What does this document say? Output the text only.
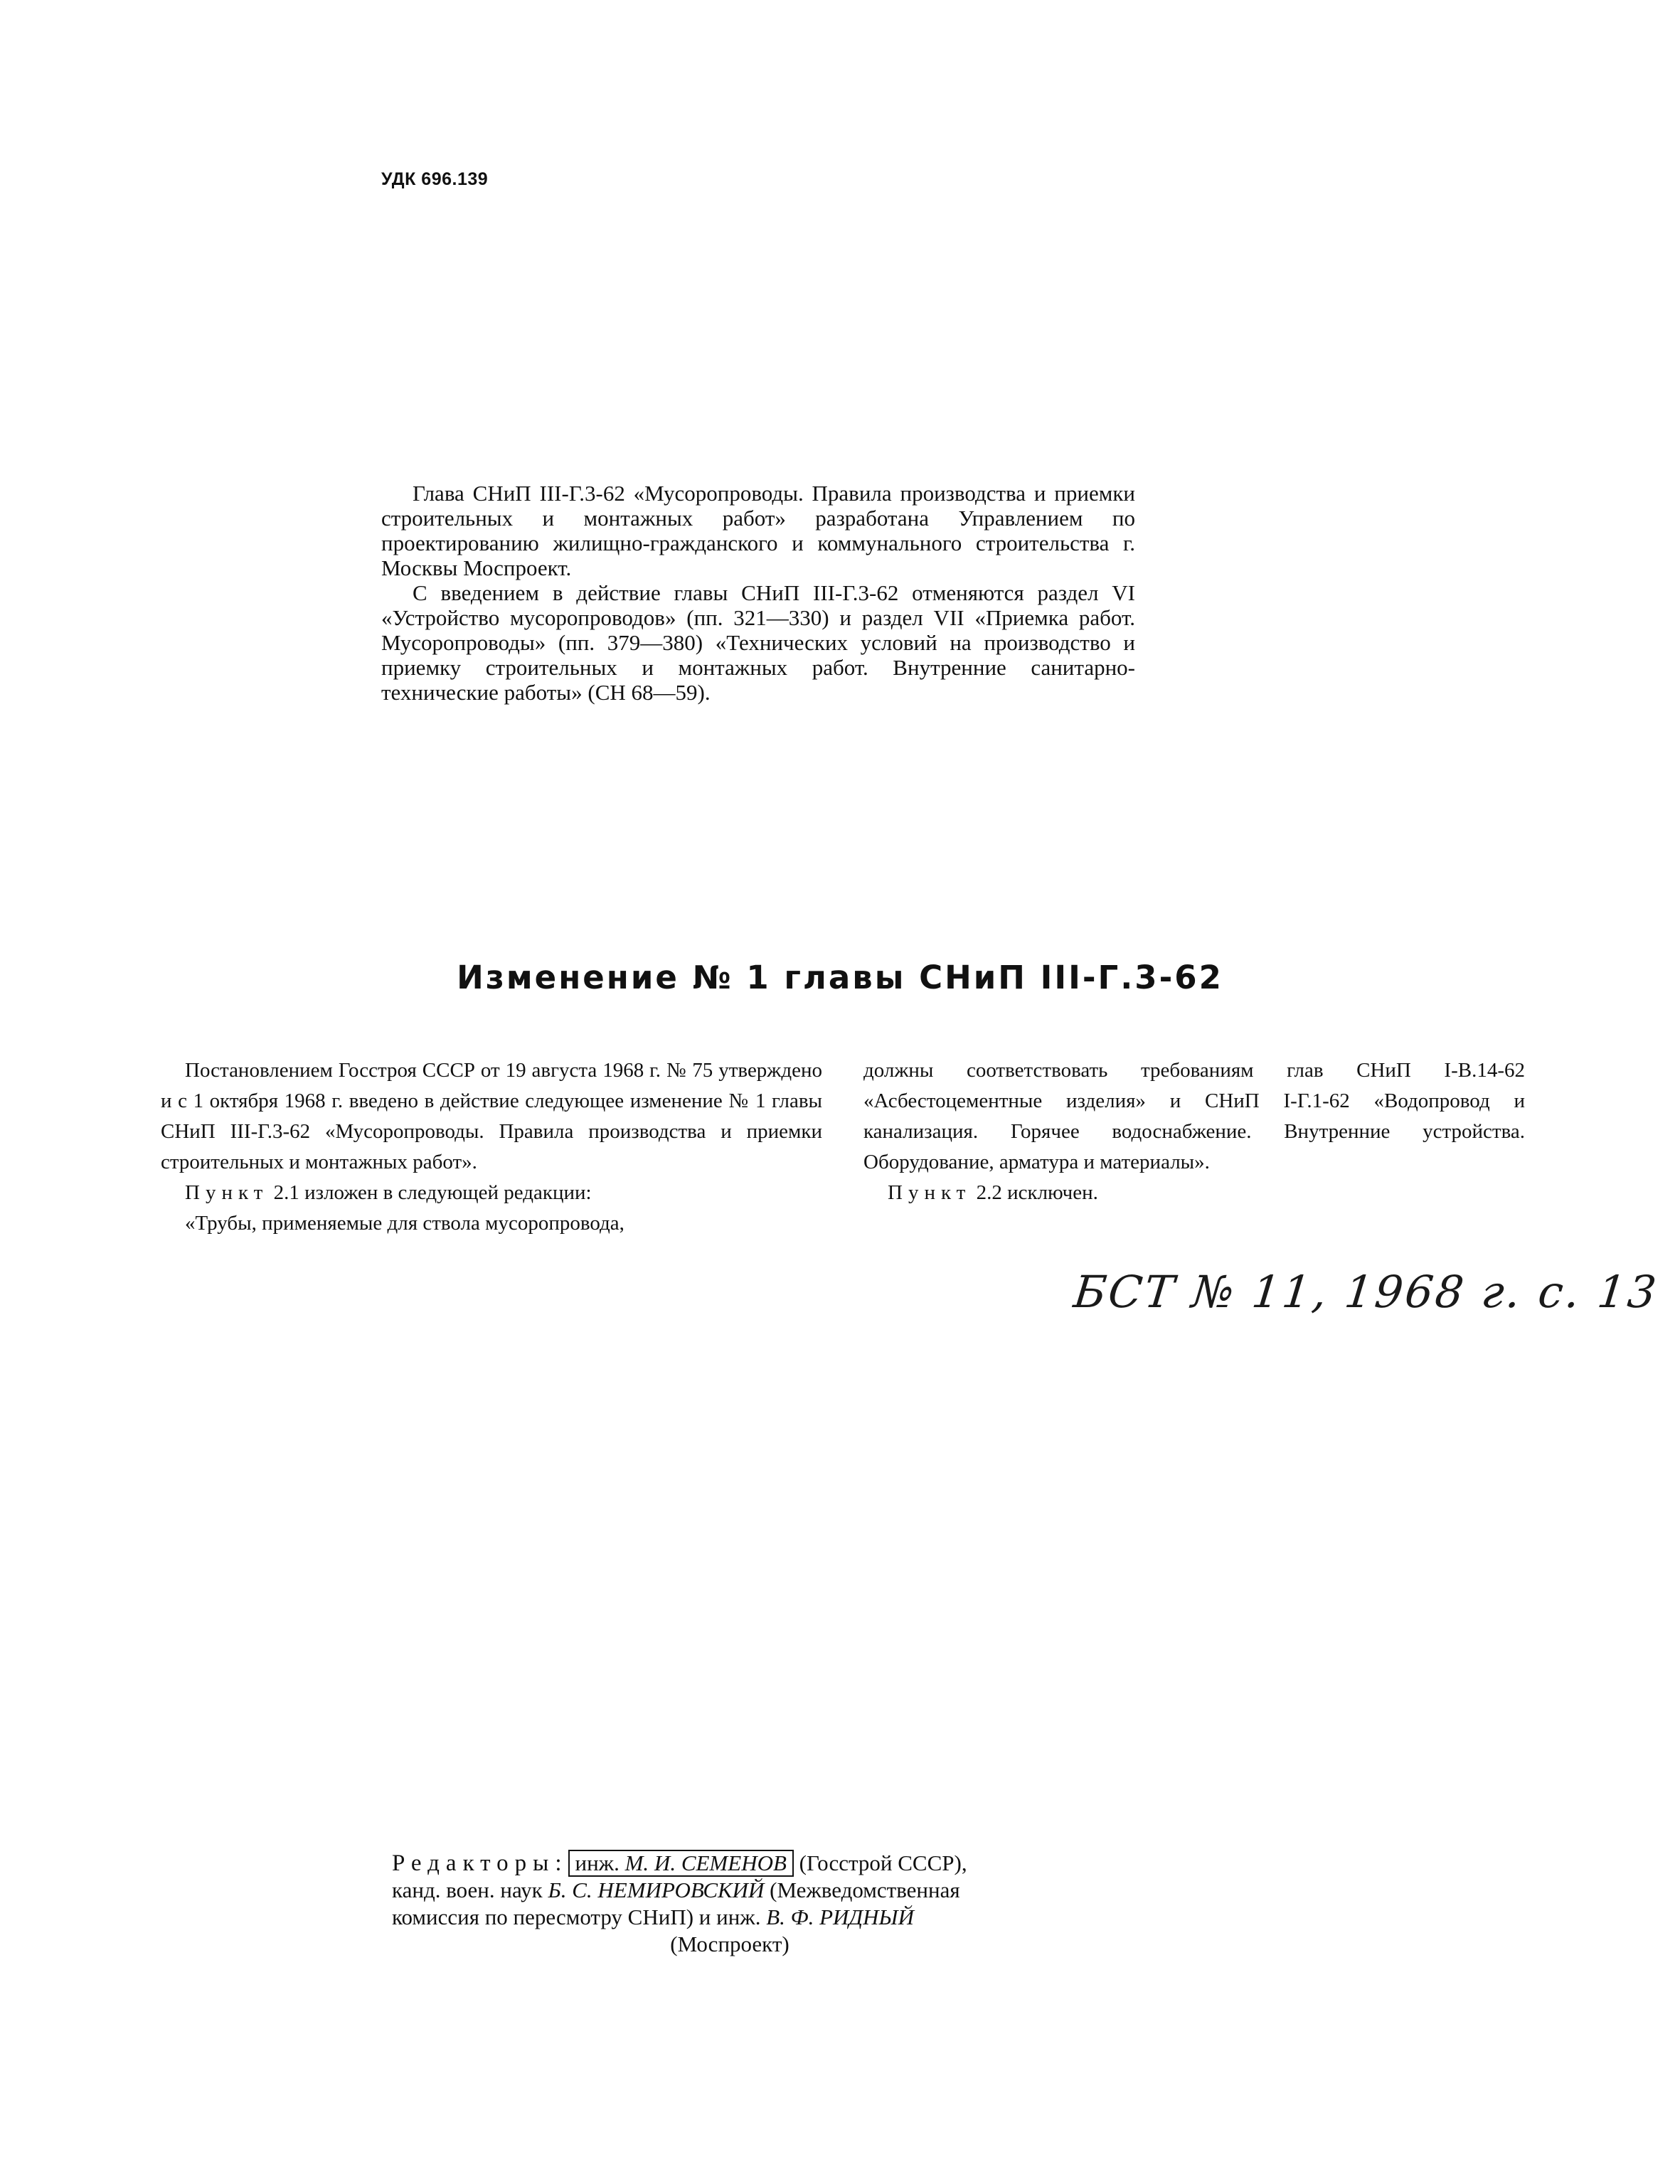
УДК 696.139

Глава СНиП III-Г.3-62 «Мусоропроводы. Правила производства и приемки строительных и монтажных работ» разработана Управлением по проектированию жилищно-гражданского и коммунального строительства г. Москвы Моспроект.

С введением в действие главы СНиП III-Г.3-62 отменяются раздел VI «Устройство мусоропроводов» (пп. 321—330) и раздел VII «Приемка работ. Мусоропроводы» (пп. 379—380) «Технических условий на производство и приемку строительных и монтажных работ. Внутренние санитарно-технические работы» (СН 68—59).

Изменение № 1 главы СНиП III-Г.3-62

Постановлением Госстроя СССР от 19 августа 1968 г. № 75 утверждено и с 1 октября 1968 г. введено в действие следующее изменение № 1 главы СНиП III-Г.3-62 «Мусоропроводы. Правила производства и приемки строительных и монтажных работ».

Пункт 2.1 изложен в следующей редакции:

«Трубы, применяемые для ствола мусоропровода,

должны соответствовать требованиям глав СНиП I-В.14-62 «Асбестоцементные изделия» и СНиП I-Г.1-62 «Водопровод и канализация. Горячее водоснабжение. Внутренние устройства. Оборудование, арматура и материалы».

Пункт 2.2 исключен.

БСТ № 11, 1968 г. с. 13
Редакторы: инж. М. И. СЕМЕНОВ (Госстрой СССР),
канд. воен. наук Б. С. НЕМИРОВСКИЙ (Межведомственная
комиссия по пересмотру СНиП) и инж. В. Ф. РИДНЫЙ
(Моспроект)
